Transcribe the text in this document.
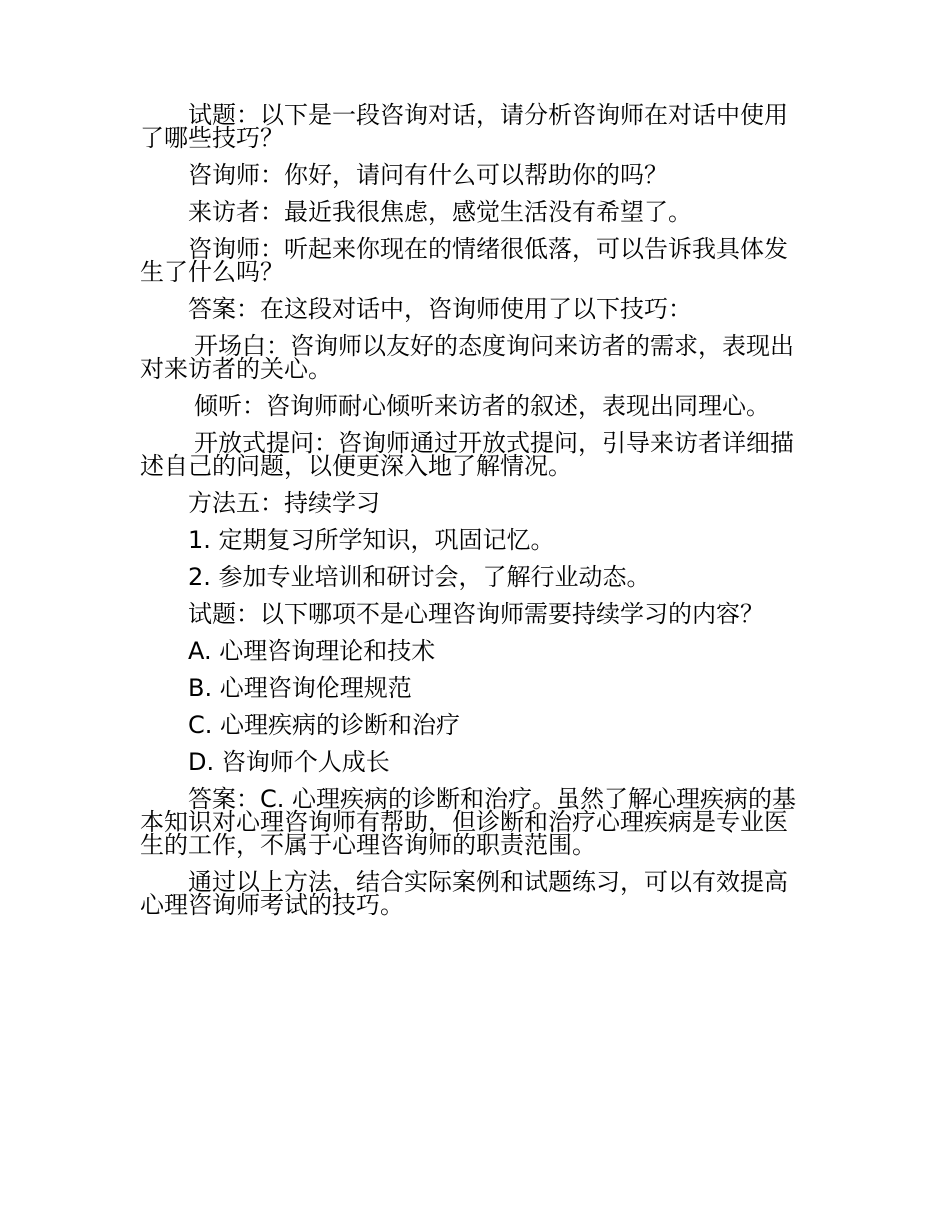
试题：以下是一段咨询对话，请分析咨询师在对话中使用了哪些技巧？

咨询师：你好，请问有什么可以帮助你的吗？

来访者：最近我很焦虑，感觉生活没有希望了。

咨询师：听起来你现在的情绪很低落，可以告诉我具体发生了什么吗？

答案：在这段对话中，咨询师使用了以下技巧：

开场白：咨询师以友好的态度询问来访者的需求，表现出对来访者的关心。

倾听：咨询师耐心倾听来访者的叙述，表现出同理心。

开放式提问：咨询师通过开放式提问，引导来访者详细描述自己的问题，以便更深入地了解情况。

方法五：持续学习

1. 定期复习所学知识，巩固记忆。

2. 参加专业培训和研讨会，了解行业动态。

试题：以下哪项不是心理咨询师需要持续学习的内容？

A. 心理咨询理论和技术

B. 心理咨询伦理规范

C. 心理疾病的诊断和治疗

D. 咨询师个人成长

答案：C. 心理疾病的诊断和治疗。虽然了解心理疾病的基本知识对心理咨询师有帮助，但诊断和治疗心理疾病是专业医生的工作，不属于心理咨询师的职责范围。

通过以上方法，结合实际案例和试题练习，可以有效提高心理咨询师考试的技巧。
